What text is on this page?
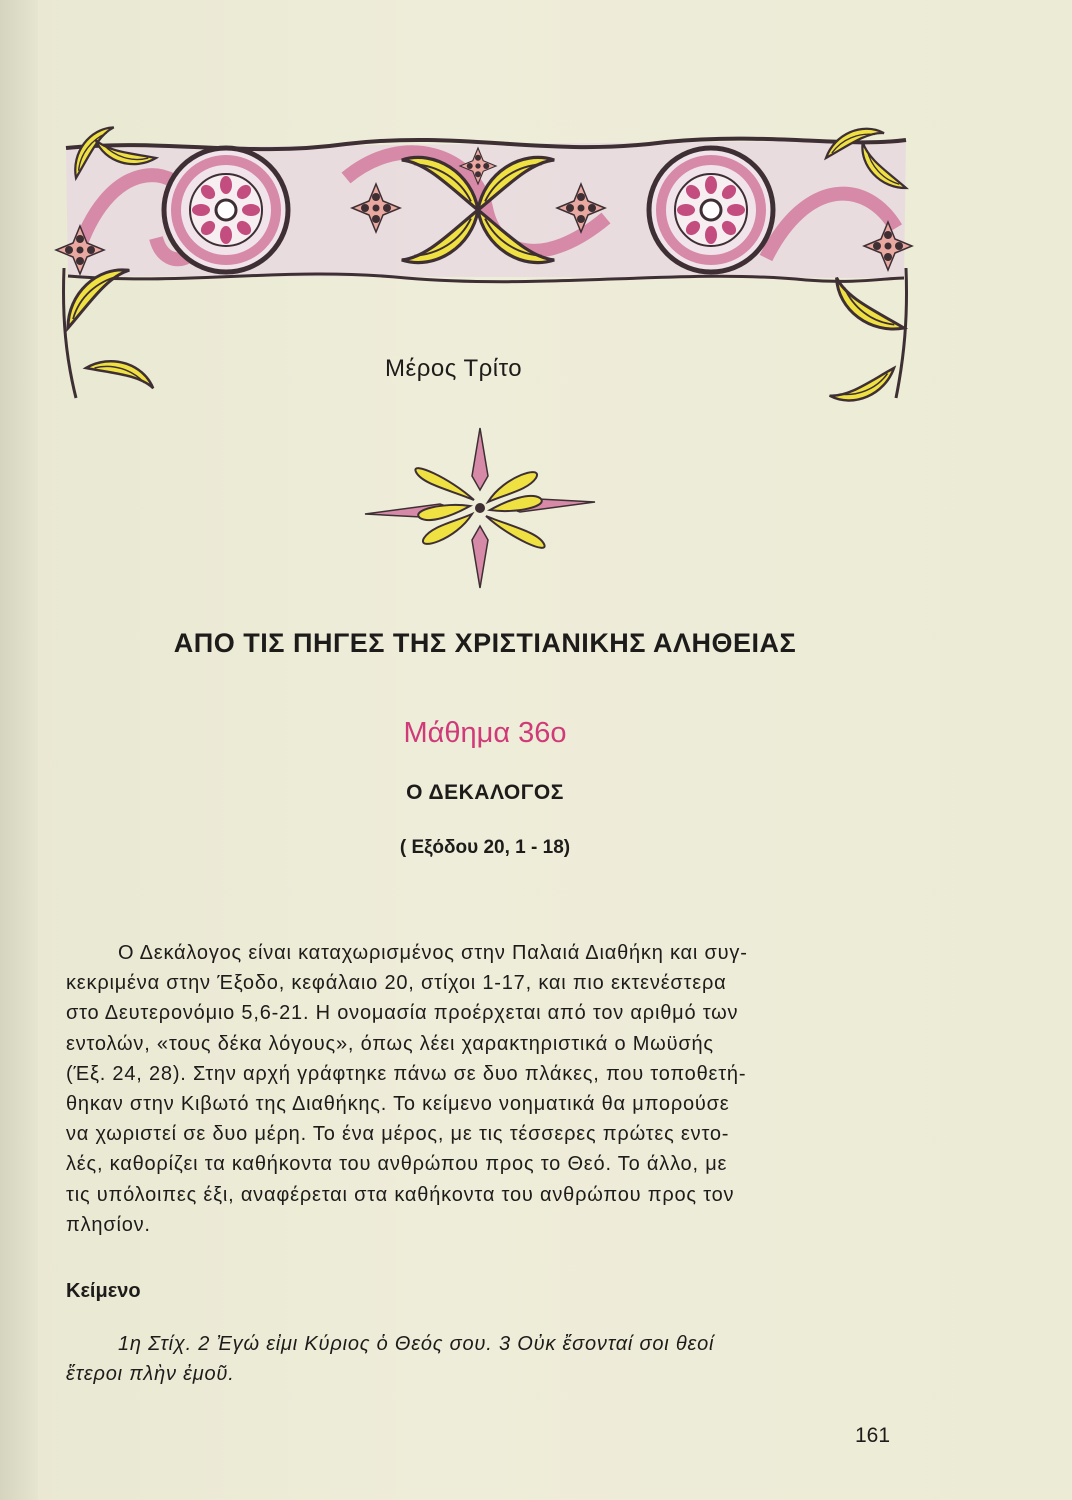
Μέρος Τρίτο
ΑΠΟ ΤΙΣ ΠΗΓΕΣ ΤΗΣ ΧΡΙΣΤΙΑΝΙΚΗΣ ΑΛΗΘΕΙΑΣ
Μάθημα 36ο
Ο ΔΕΚΑΛΟΓΟΣ
( Εξόδου 20, 1 - 18)
Ο Δεκάλογος είναι καταχωρισμένος στην Παλαιά Διαθήκη και συγ-
κεκριμένα στην Έξοδο, κεφάλαιο 20, στίχοι 1-17, και πιο εκτενέστερα
στο Δευτερονόμιο 5,6-21. Η ονομασία προέρχεται από τον αριθμό των
εντολών, «τους δέκα λόγους», όπως λέει χαρακτηριστικά ο Μωϋσής
(Έξ. 24, 28). Στην αρχή γράφτηκε πάνω σε δυο πλάκες, που τοποθετή-
θηκαν στην Κιβωτό της Διαθήκης. Το κείμενο νοηματικά θα μπορούσε
να χωριστεί σε δυο μέρη. Το ένα μέρος, με τις τέσσερες πρώτες εντο-
λές, καθορίζει τα καθήκοντα του ανθρώπου προς το Θεό. Το άλλο, με
τις υπόλοιπες έξι, αναφέρεται στα καθήκοντα του ανθρώπου προς τον
πλησίον.
Κείμενο
1η Στίχ. 2 Ἐγώ εἰμι Κύριος ὁ Θεός σου. 3 Οὐκ ἔσονταί σοι θεοί
ἕτεροι πλὴν ἐμοῦ.
161
